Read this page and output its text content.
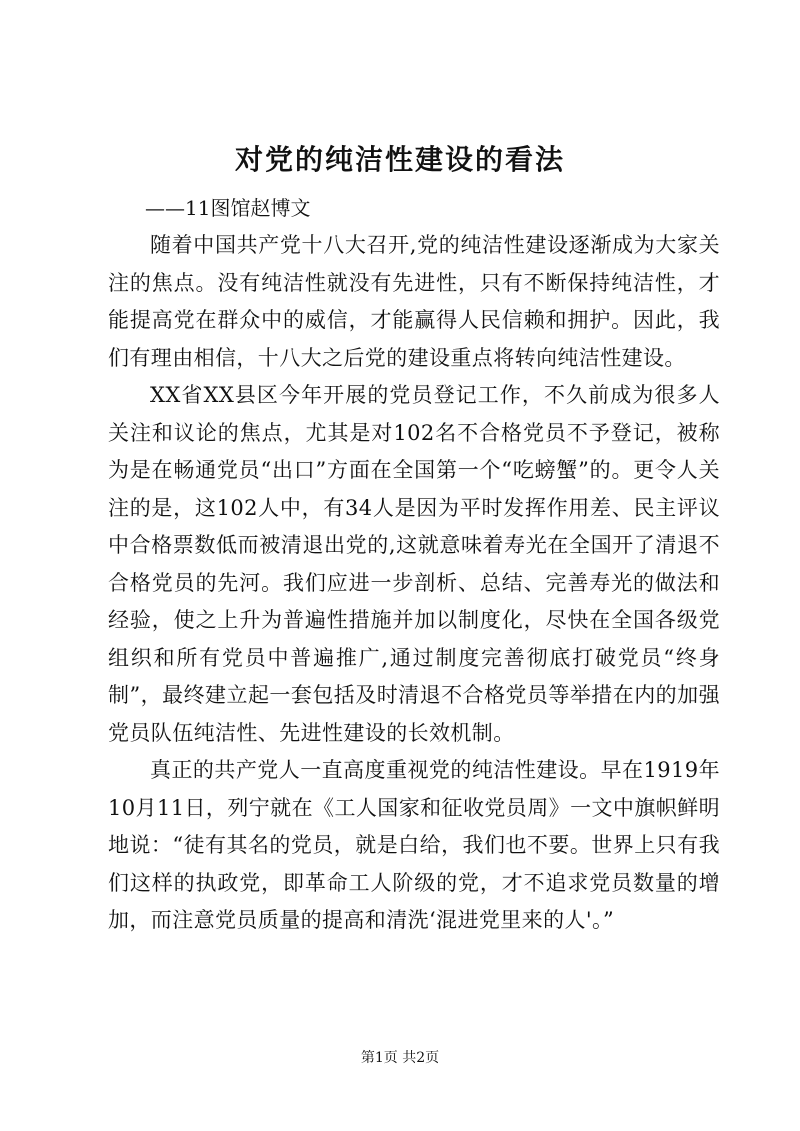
对党的纯洁性建设的看法

——11图馆赵博文

随着中国共产党十八大召开,党的纯洁性建设逐渐成为大家关注的焦点。没有纯洁性就没有先进性，只有不断保持纯洁性，才能提高党在群众中的威信，才能赢得人民信赖和拥护。因此，我们有理由相信，十八大之后党的建设重点将转向纯洁性建设。

XX省XX县区今年开展的党员登记工作，不久前成为很多人关注和议论的焦点，尤其是对102名不合格党员不予登记，被称为是在畅通党员“出口”方面在全国第一个“吃螃蟹”的。更令人关注的是，这102人中，有34人是因为平时发挥作用差、民主评议中合格票数低而被清退出党的,这就意味着寿光在全国开了清退不合格党员的先河。我们应进一步剖析、总结、完善寿光的做法和经验，使之上升为普遍性措施并加以制度化，尽快在全国各级党组织和所有党员中普遍推广,通过制度完善彻底打破党员“终身制”，最终建立起一套包括及时清退不合格党员等举措在内的加强党员队伍纯洁性、先进性建设的长效机制。

真正的共产党人一直高度重视党的纯洁性建设。早在1919年10月11日，列宁就在《工人国家和征收党员周》一文中旗帜鲜明地说：“徒有其名的党员，就是白给，我们也不要。世界上只有我们这样的执政党，即革命工人阶级的党，才不追求党员数量的增加，而注意党员质量的提高和清洗‘混进党里来的人'。”

第1页 共2页
